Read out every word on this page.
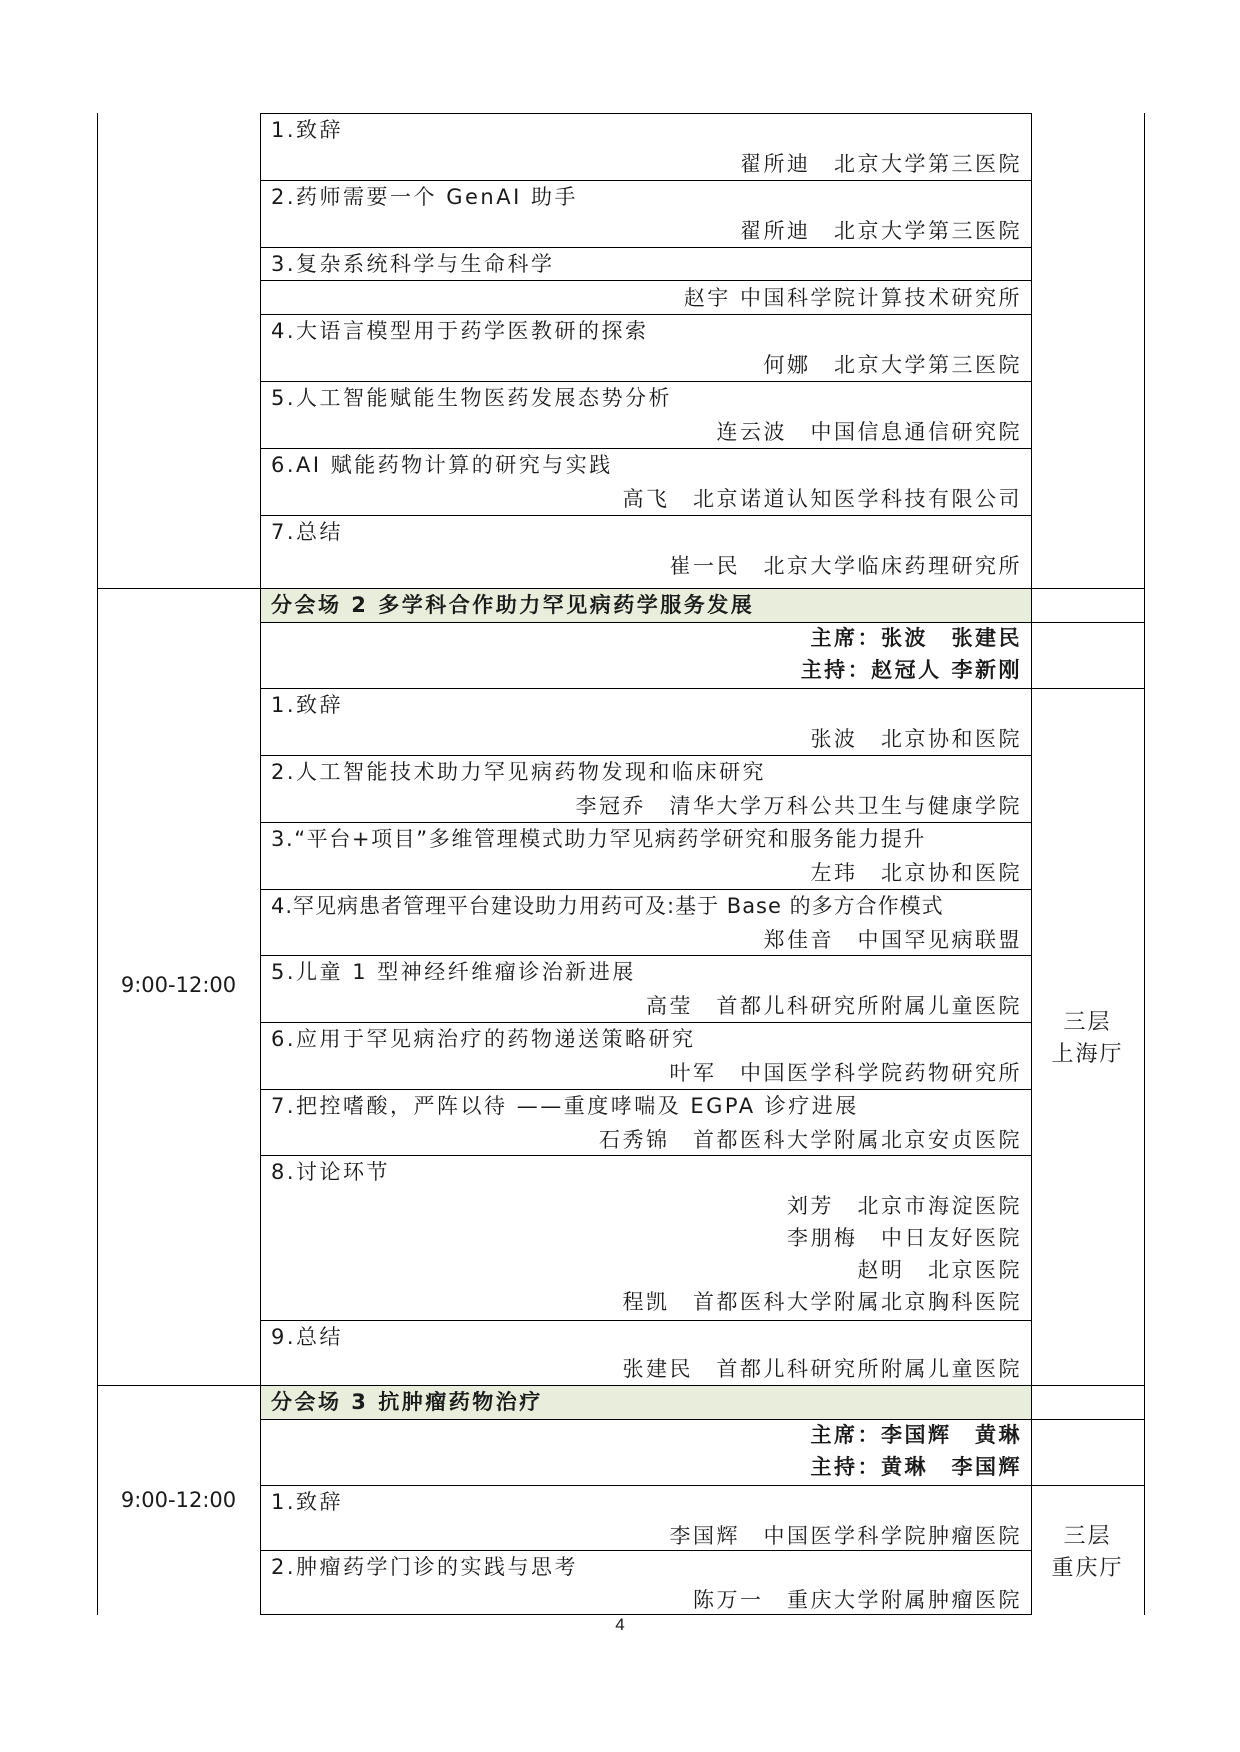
1.致辞
翟所迪　北京大学第三医院
2.药师需要一个 GenAI 助手
翟所迪　北京大学第三医院
3.复杂系统科学与生命科学
赵宇 中国科学院计算技术研究所
4.大语言模型用于药学医教研的探索
何娜　北京大学第三医院
5.人工智能赋能生物医药发展态势分析
连云波　中国信息通信研究院
6.AI 赋能药物计算的研究与实践
高飞　北京诺道认知医学科技有限公司
7.总结
崔一民　北京大学临床药理研究所
分会场 2 多学科合作助力罕见病药学服务发展
主席：张波　张建民
主持：赵冠人 李新刚
9:00-12:00
三层
上海厅
1.致辞
张波　北京协和医院
2.人工智能技术助力罕见病药物发现和临床研究
李冠乔　清华大学万科公共卫生与健康学院
3.“平台+项目”多维管理模式助力罕见病药学研究和服务能力提升
左玮　北京协和医院
4.罕见病患者管理平台建设助力用药可及:基于 Base 的多方合作模式
郑佳音　中国罕见病联盟
5.儿童 1 型神经纤维瘤诊治新进展
高莹　首都儿科研究所附属儿童医院
6.应用于罕见病治疗的药物递送策略研究
叶军　中国医学科学院药物研究所
7.把控嗜酸，严阵以待 ——重度哮喘及 EGPA 诊疗进展
石秀锦　首都医科大学附属北京安贞医院
8.讨论环节
刘芳　北京市海淀医院
李朋梅　中日友好医院
赵明　北京医院
程凯　首都医科大学附属北京胸科医院
9.总结
张建民　首都儿科研究所附属儿童医院
分会场 3 抗肿瘤药物治疗
主席：李国辉　黄琳
主持：黄琳　李国辉
9:00-12:00
三层
重庆厅
1.致辞
李国辉　中国医学科学院肿瘤医院
2.肿瘤药学门诊的实践与思考
陈万一　重庆大学附属肿瘤医院
4
